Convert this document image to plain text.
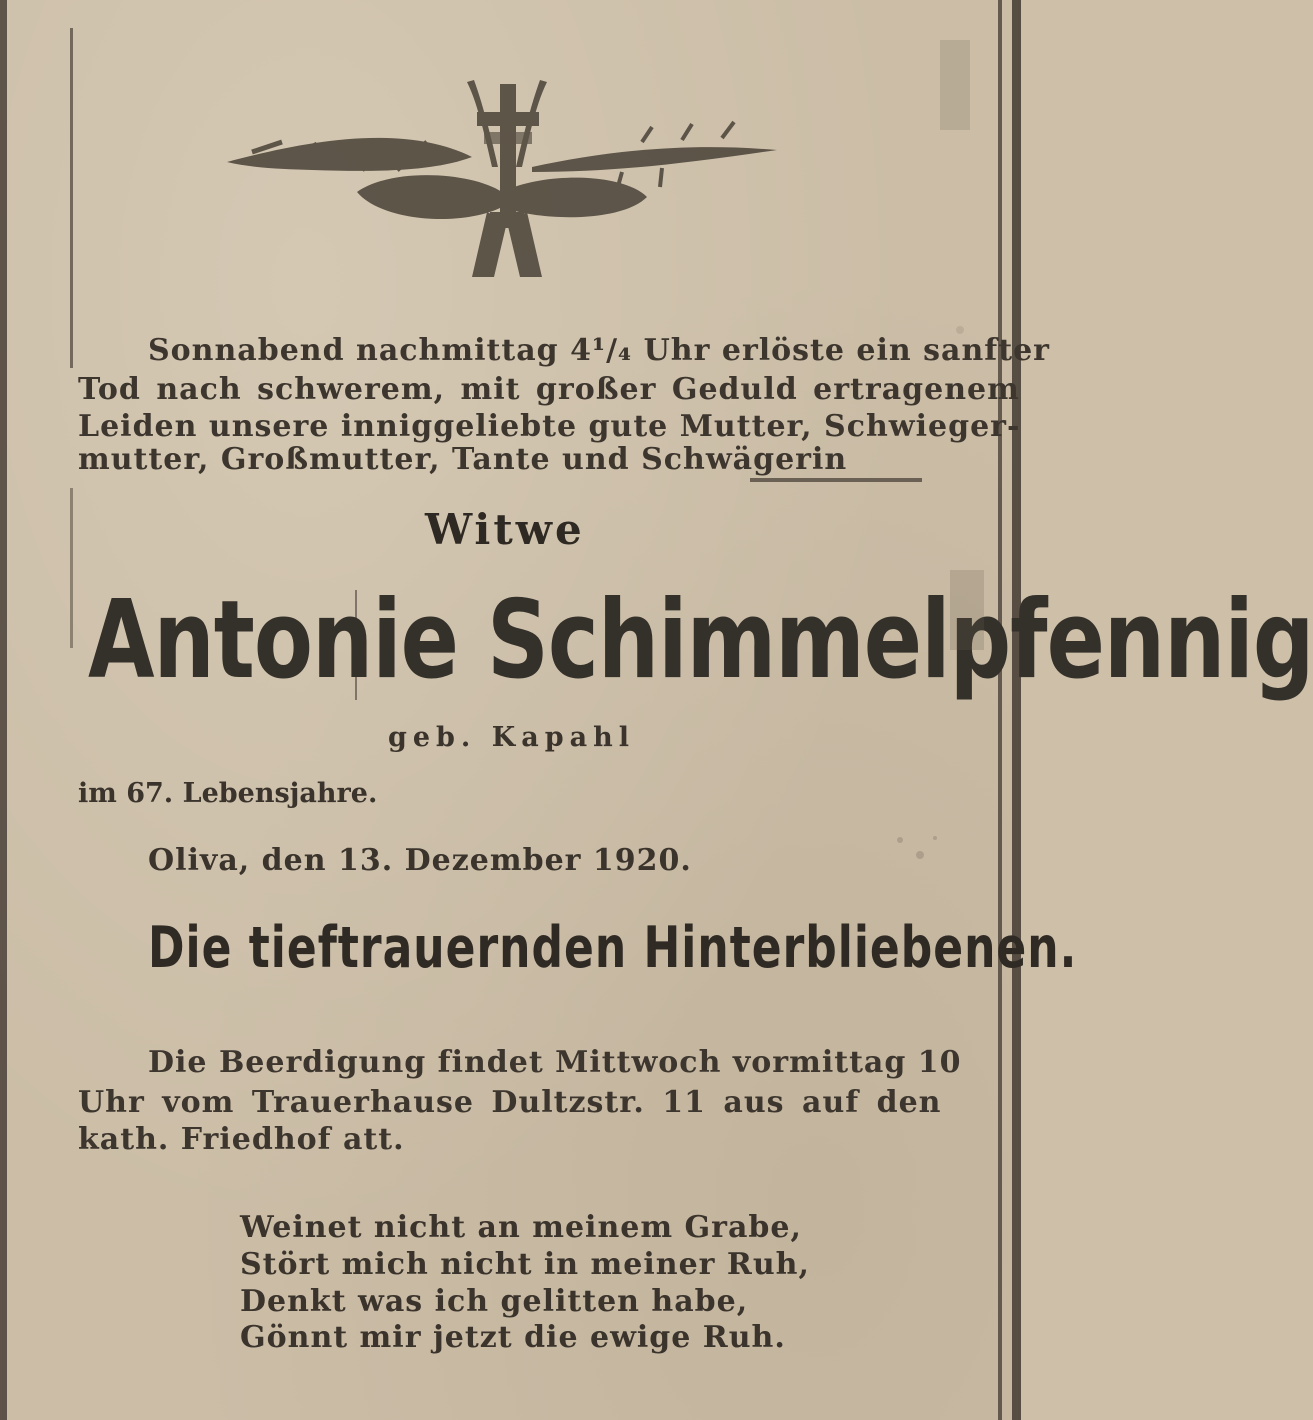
Sonnabend nachmittag 4¹/₄ Uhr erlöste ein sanfter
Tod nach schwerem, mit großer Geduld ertragenem
Leiden unsere inniggeliebte gute Mutter, Schwieger-
mutter, Großmutter, Tante und Schwägerin
Witwe
Antonie Schimmelpfennig
geb. Kapahl
im 67. Lebensjahre.
Oliva, den 13. Dezember 1920.
Die tieftrauernden Hinterbliebenen.
Die Beerdigung findet Mittwoch vormittag 10
Uhr vom Trauerhause Dultzstr. 11 aus auf den
kath. Friedhof att.
Weinet nicht an meinem Grabe,
Stört mich nicht in meiner Ruh,
Denkt was ich gelitten habe,
Gönnt mir jetzt die ewige Ruh.
